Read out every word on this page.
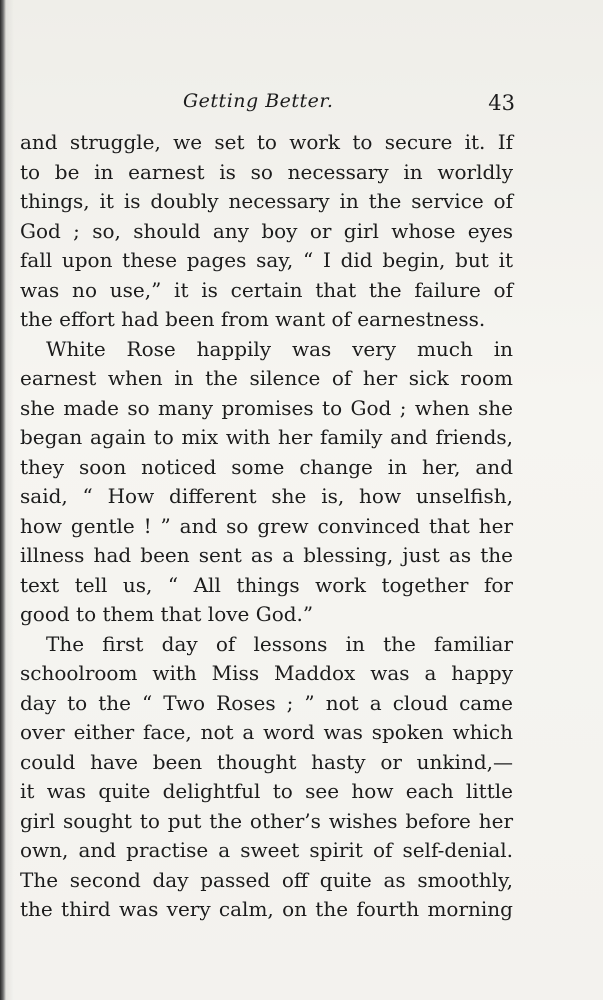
Getting Better.	43
and struggle, we set to work to secure it. If
to be in earnest is so necessary in worldly
things, it is doubly necessary in the service of
God ; so, should any boy or girl whose eyes
fall upon these pages say, “ I did begin, but it
was no use,” it is certain that the failure of
the effort had been from want of earnestness.
White Rose happily was very much in
earnest when in the silence of her sick room
she made so many promises to God ; when she
began again to mix with her family and friends,
they soon noticed some change in her, and
said, “ How different she is, how unselfish,
how gentle ! ” and so grew convinced that her
illness had been sent as a blessing, just as the
text tell us, “ All things work together for
good to them that love God.”
The first day of lessons in the familiar
schoolroom with Miss Maddox was a happy
day to the “ Two Roses ; ” not a cloud came
over either face, not a word was spoken which
could have been thought hasty or unkind,—
it was quite delightful to see how each little
girl sought to put the other’s wishes before her
own, and practise a sweet spirit of self-denial.
The second day passed off quite as smoothly,
the third was very calm, on the fourth morning
